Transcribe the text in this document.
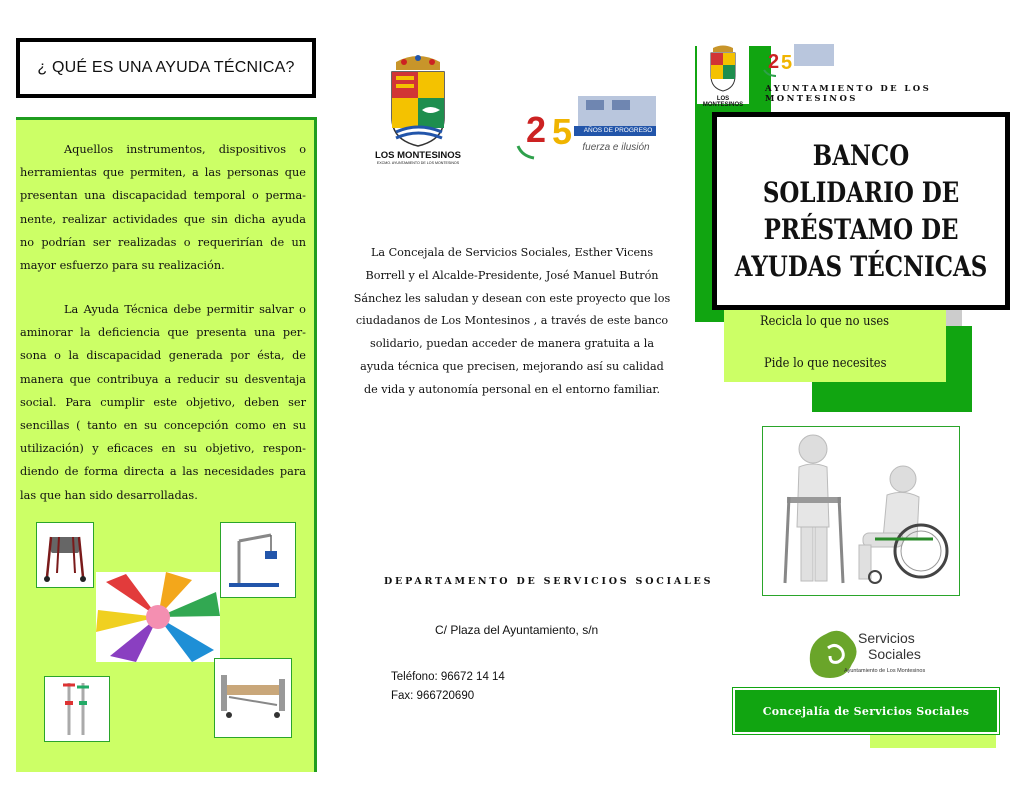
¿ QUÉ ES UNA AYUDA TÉCNICA?

Aquellos instrumentos, dispositivos o herramientas que permiten, a las personas que presentan una discapacidad temporal o perma-nente, realizar actividades que sin dicha ayuda no podrían ser realizadas o requerirían de un mayor esfuerzo para su realización.

La Ayuda Técnica debe permitir salvar o aminorar la deficiencia que presenta una per-sona o la discapacidad generada por ésta, de manera que contribuya a reducir su desventaja social. Para cumplir este objetivo, deben ser sencillas ( tanto en su concepción como en su utilización) y eficaces en su objetivo, respon-diendo de forma directa a las necesidades para las que han sido desarrolladas.

LOS MONTESINOS
EXCMO. AYUNTAMIENTO DE LOS MONTESINOS
2 5	AÑOS DE PROGRESO
fuerza e ilusión
La Concejala de Servicios Sociales, Esther Vicens Borrell y el Alcalde-Presidente, José Manuel Butrón Sánchez les saludan y desean con este proyecto que los ciudadanos de Los Montesinos , a través de este banco solidario, puedan acceder de manera gratuita a la ayuda técnica que precisen, mejorando así su calidad de vida y autonomía personal en el entorno familiar.
DEPARTAMENTO DE SERVICIOS SOCIALES
C/ Plaza del Ayuntamiento, s/n
Teléfono: 96672 14 14
Fax: 966720690
LOS MONTESINOS
2 5
AYUNTAMIENTO DE LOS MONTESINOS
BANCO
SOLIDARIO DE
PRÉSTAMO DE
AYUDAS TÉCNICAS
Recicla lo que no uses
Pide lo que necesites
Servicios
Sociales
Ayuntamiento de Los Montesinos
Concejalía de Servicios Sociales
